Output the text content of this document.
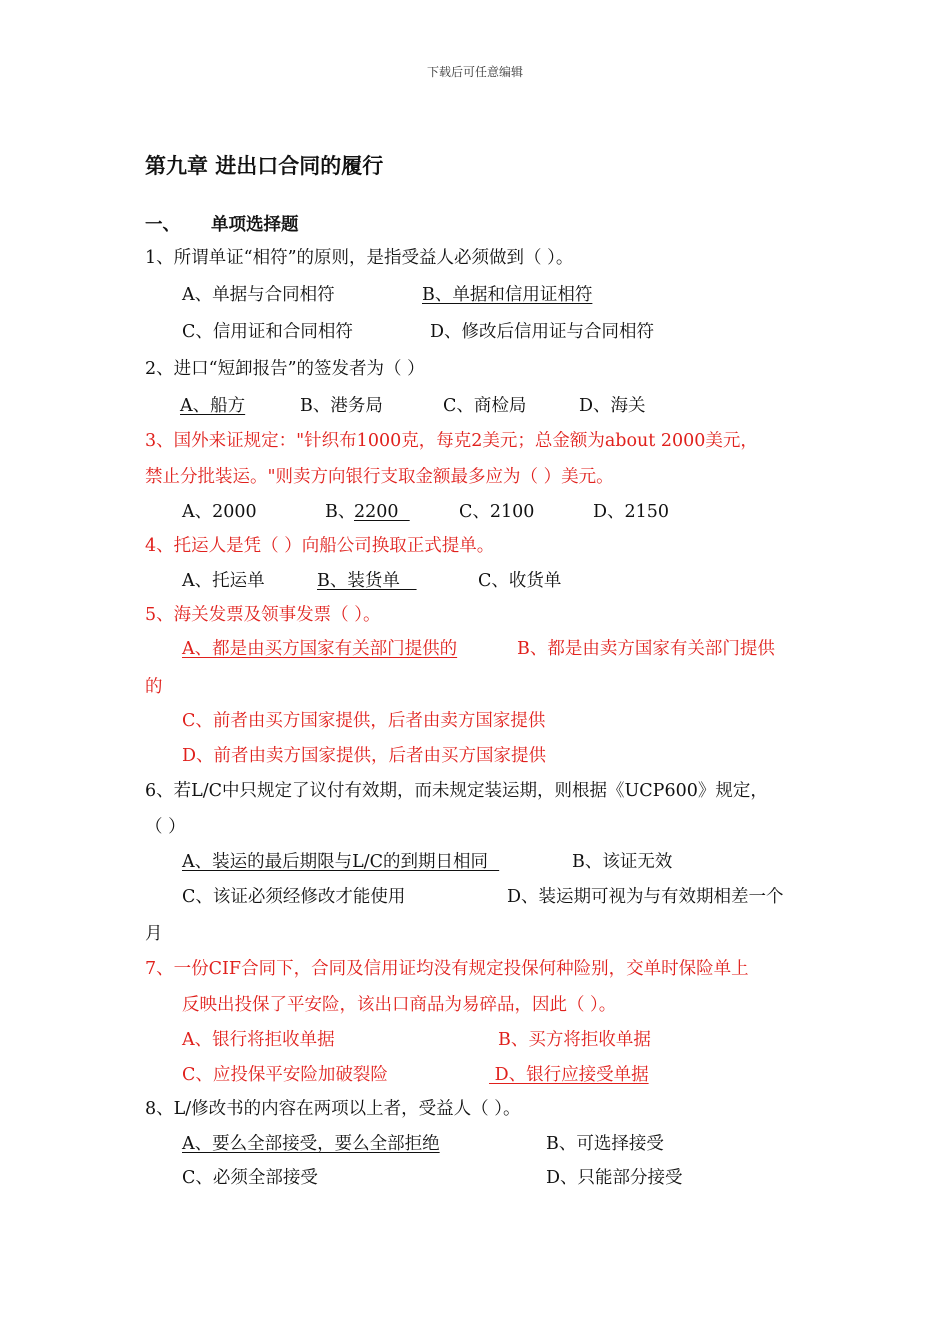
下载后可任意编辑
第九章 进出口合同的履行
一、 单项选择题
1、所谓单证“相符”的原则，是指受益人必须做到（ ）。
A、单据与合同相符	B、单据和信用证相符
C、信用证和合同相符	D、修改后信用证与合同相符
2、进口“短卸报告”的签发者为（ ）
A、船方	B、港务局	C、商检局	D、海关
3、国外来证规定："针织布1000克，每克2美元；总金额为about 2000美元，
禁止分批装运。"则卖方向银行支取金额最多应为（ ）美元。
A、2000	B、
2200	C、2100	D、2150
4、托运人是凭（ ）向船公司换取正式提单。
A、托运单	B、装货单	C、收货单
5、海关发票及领事发票（ ）。
A、都是由买方国家有关部门提供的	B、都是由卖方国家有关部门提供
的
C、前者由买方国家提供，后者由卖方国家提供
D、前者由卖方国家提供，后者由买方国家提供
6、若L/C中只规定了议付有效期，而未规定装运期，则根据《UCP600》规定，
（ ）
A、装运的最后期限与L/C的到期日相同	B、该证无效
C、该证必须经修改才能使用	D、装运期可视为与有效期相差一个
月
7、一份CIF合同下，合同及信用证均没有规定投保何种险别，交单时保险单上
反映出投保了平安险，该出口商品为易碎品，因此（ ）。
A、银行将拒收单据	B、买方将拒收单据
C、应投保平安险加破裂险	D、银行应接受单据
8、L/修改书的内容在两项以上者，受益人（ ）。
A、要么全部接受，要么全部拒绝	B、可选择接受
C、必须全部接受	D、只能部分接受
